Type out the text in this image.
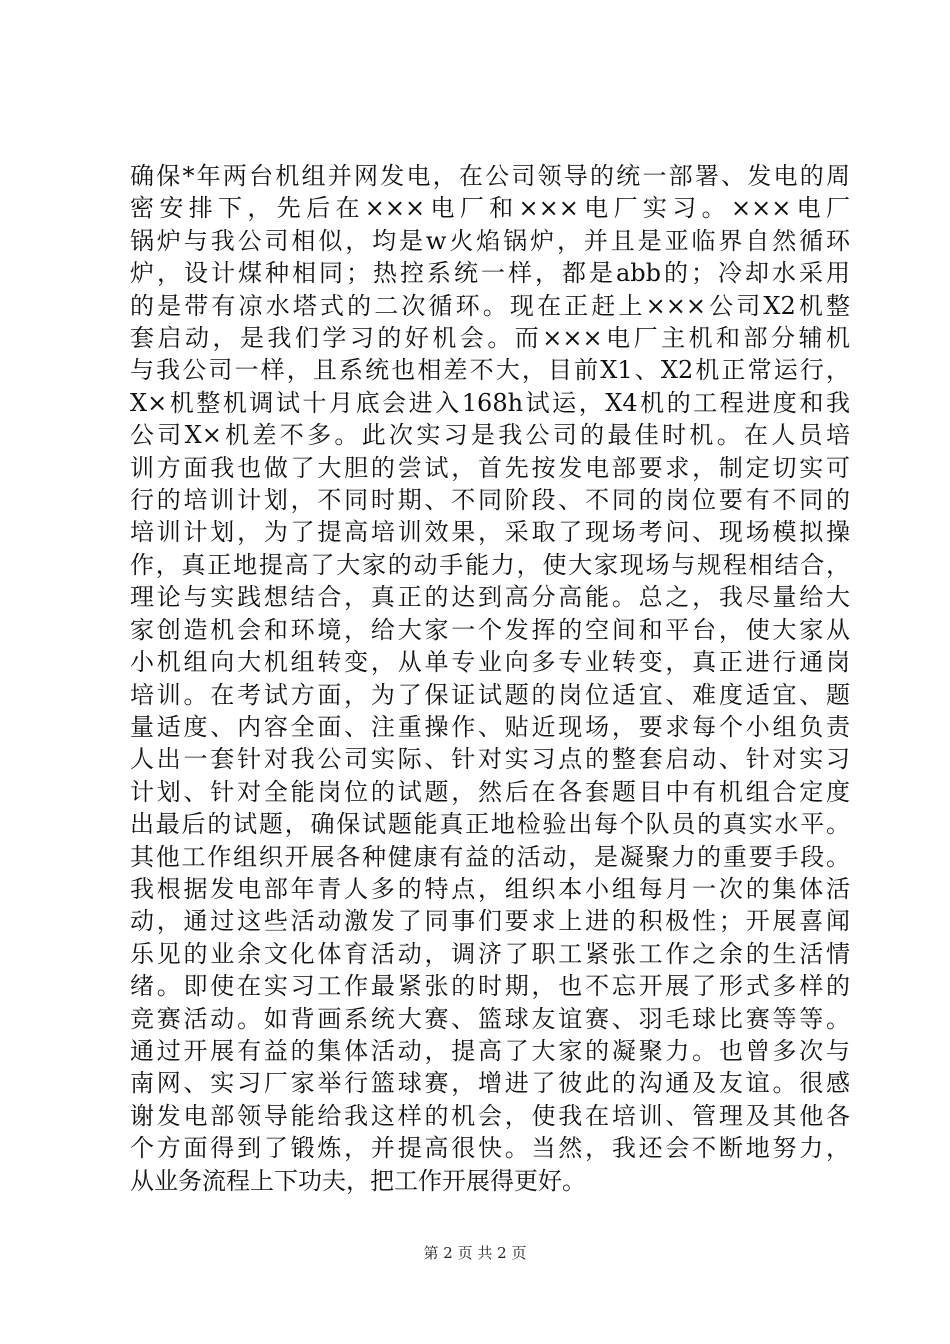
确保*年两台机组并网发电，在公司领导的统一部署、发电的周
密安排下，先后在×××电厂和×××电厂实习。×××电厂
锅炉与我公司相似，均是w火焰锅炉，并且是亚临界自然循环
炉，设计煤种相同；热控系统一样，都是abb的；冷却水采用
的是带有凉水塔式的二次循环。现在正赶上×××公司X2机整
套启动，是我们学习的好机会。而×××电厂主机和部分辅机
与我公司一样，且系统也相差不大，目前X1、X2机正常运行，
X×机整机调试十月底会进入168h试运，X4机的工程进度和我
公司X×机差不多。此次实习是我公司的最佳时机。在人员培
训方面我也做了大胆的尝试，首先按发电部要求，制定切实可
行的培训计划，不同时期、不同阶段、不同的岗位要有不同的
培训计划，为了提高培训效果，采取了现场考问、现场模拟操
作，真正地提高了大家的动手能力，使大家现场与规程相结合，
理论与实践想结合，真正的达到高分高能。总之，我尽量给大
家创造机会和环境，给大家一个发挥的空间和平台，使大家从
小机组向大机组转变，从单专业向多专业转变，真正进行通岗
培训。在考试方面，为了保证试题的岗位适宜、难度适宜、题
量适度、内容全面、注重操作、贴近现场，要求每个小组负责
人出一套针对我公司实际、针对实习点的整套启动、针对实习
计划、针对全能岗位的试题，然后在各套题目中有机组合定度
出最后的试题，确保试题能真正地检验出每个队员的真实水平。
其他工作组织开展各种健康有益的活动，是凝聚力的重要手段。
我根据发电部年青人多的特点，组织本小组每月一次的集体活
动，通过这些活动激发了同事们要求上进的积极性；开展喜闻
乐见的业余文化体育活动，调济了职工紧张工作之余的生活情
绪。即使在实习工作最紧张的时期，也不忘开展了形式多样的
竞赛活动。如背画系统大赛、篮球友谊赛、羽毛球比赛等等。
通过开展有益的集体活动，提高了大家的凝聚力。也曾多次与
南网、实习厂家举行篮球赛，增进了彼此的沟通及友谊。很感
谢发电部领导能给我这样的机会，使我在培训、管理及其他各
个方面得到了锻炼，并提高很快。当然，我还会不断地努力，
从业务流程上下功夫，把工作开展得更好。
第 2 页 共 2 页
